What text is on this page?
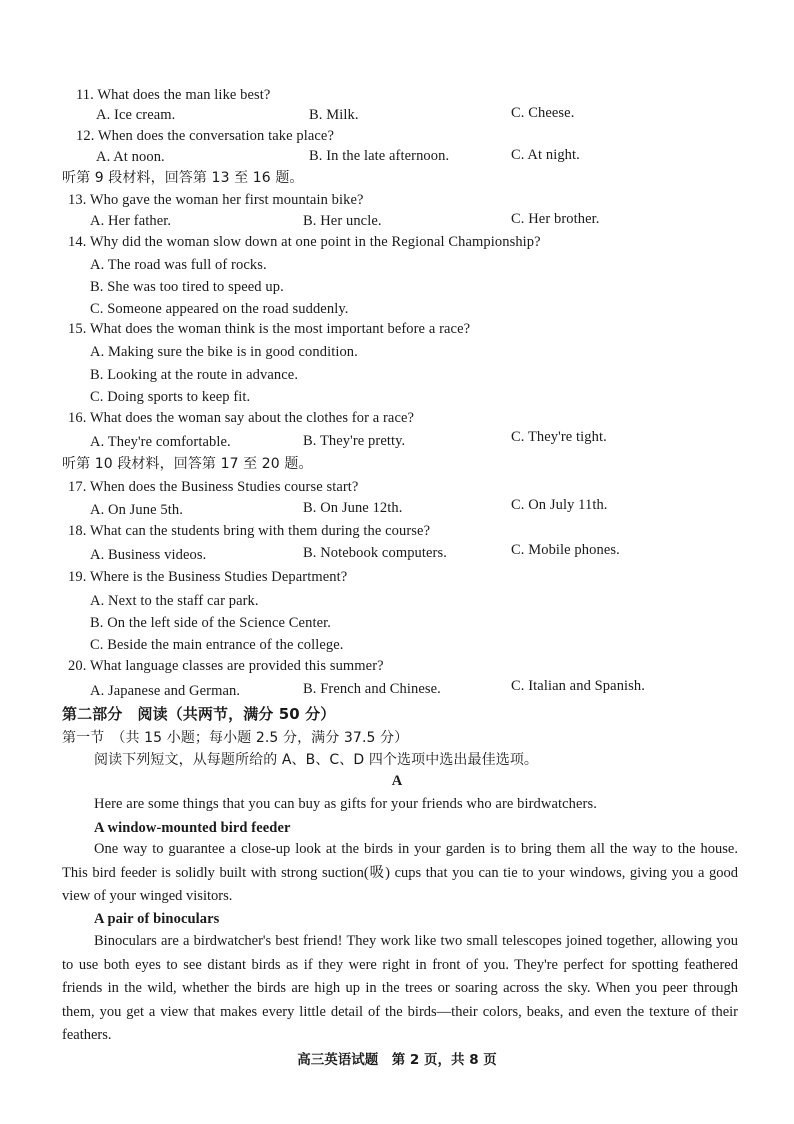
11. What does the man like best?
A. Ice cream.	B. Milk.	C. Cheese.
12. When does the conversation take place?
A. At noon.	B. In the late afternoon.	C. At night.
听第 9 段材料，回答第 13 至 16 题。
13. Who gave the woman her first mountain bike?
A. Her father.	B. Her uncle.	C. Her brother.
14. Why did the woman slow down at one point in the Regional Championship?
A. The road was full of rocks.
B. She was too tired to speed up.
C. Someone appeared on the road suddenly.
15. What does the woman think is the most important before a race?
A. Making sure the bike is in good condition.
B. Looking at the route in advance.
C. Doing sports to keep fit.
16. What does the woman say about the clothes for a race?
A. They're comfortable.	B. They're pretty.	C. They're tight.
听第 10 段材料，回答第 17 至 20 题。
17. When does the Business Studies course start?
A. On June 5th.	B. On June 12th.	C. On July 11th.
18. What can the students bring with them during the course?
A. Business videos.	B. Notebook computers.	C. Mobile phones.
19. Where is the Business Studies Department?
A. Next to the staff car park.
B. On the left side of the Science Center.
C. Beside the main entrance of the college.
20. What language classes are provided this summer?
A. Japanese and German.	B. French and Chinese.	C. Italian and Spanish.
第二部分　阅读（共两节，满分 50 分）
第一节　（共 15 小题；每小题 2.5 分，满分 37.5 分）
阅读下列短文，从每题所给的 A、B、C、D 四个选项中选出最佳选项。
A
Here are some things that you can buy as gifts for your friends who are birdwatchers.
A window-mounted bird feeder
One way to guarantee a close-up look at the birds in your garden is to bring them all the way to the house. This bird feeder is solidly built with strong suction(吸) cups that you can tie to your windows, giving you a good view of your winged visitors.
A pair of binoculars
Binoculars are a birdwatcher's best friend! They work like two small telescopes joined together, allowing you to use both eyes to see distant birds as if they were right in front of you. They're perfect for spotting feathered friends in the wild, whether the birds are high up in the trees or soaring across the sky. When you peer through them, you get a view that makes every little detail of the birds—their colors, beaks, and even the texture of their feathers.
高三英语试题　第 2 页，共 8 页
